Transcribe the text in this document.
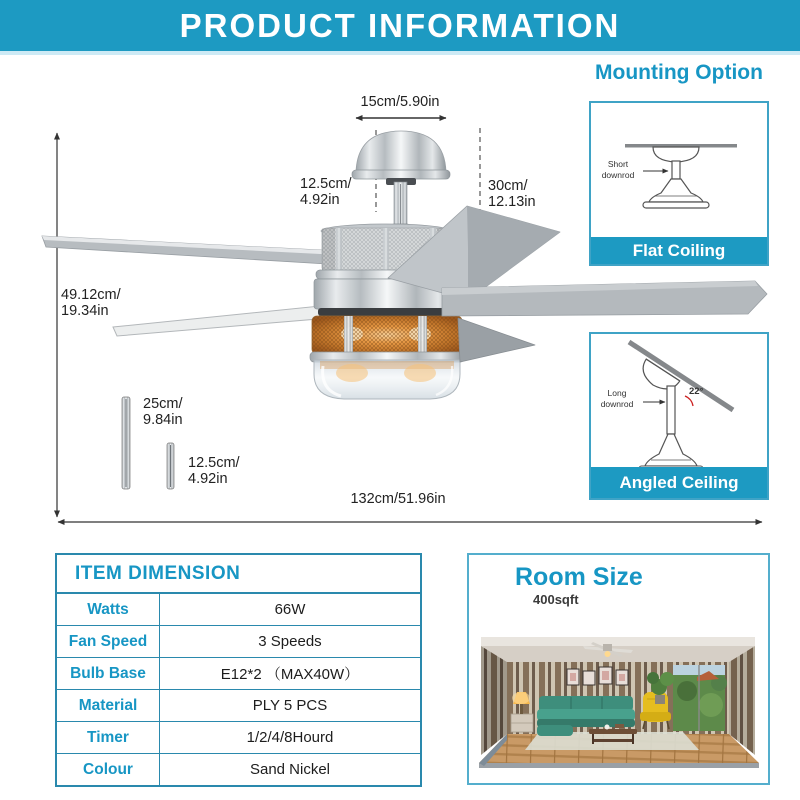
PRODUCT INFORMATION
15cm/5.90in
12.5cm/
4.92in
30cm/
12.13in
49.12cm/
19.34in
25cm/
9.84in
12.5cm/
4.92in
132cm/51.96in
Mounting Option
Short
downrod
Flat Coiling
Long
downrod
22°
Angled Ceiling
ITEM DIMENSION
Watts	66W
Fan Speed	3 Speeds
Bulb Base	E12*2 （MAX40W）
Material	PLY 5 PCS
Timer	1/2/4/8Hourd
Colour	Sand Nickel
Room Size
400sqft
